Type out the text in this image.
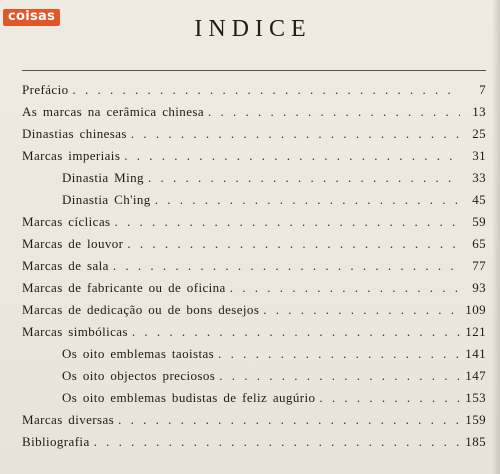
coisas	INDICE
Prefácio . . .	7
As marcas na cerâmica chinesa . . .	13
Dinastias chinesas . . .	25
Marcas imperiais . . .	31
Dinastia Ming . . .	33
Dinastia Ch'ing . . .	45
Marcas cíclicas . . .	59
Marcas de louvor . . .	65
Marcas de sala . . .	77
Marcas de fabricante ou de oficina . . .	93
Marcas de dedicação ou de bons desejos . . .	109
Marcas simbólicas . . .	121
Os oito emblemas taoistas . . .	141
Os oito objectos preciosos . . .	147
Os oito emblemas budistas de feliz augúrio . . .	153
Marcas diversas . . .	159
Bibliografia . . .	185
